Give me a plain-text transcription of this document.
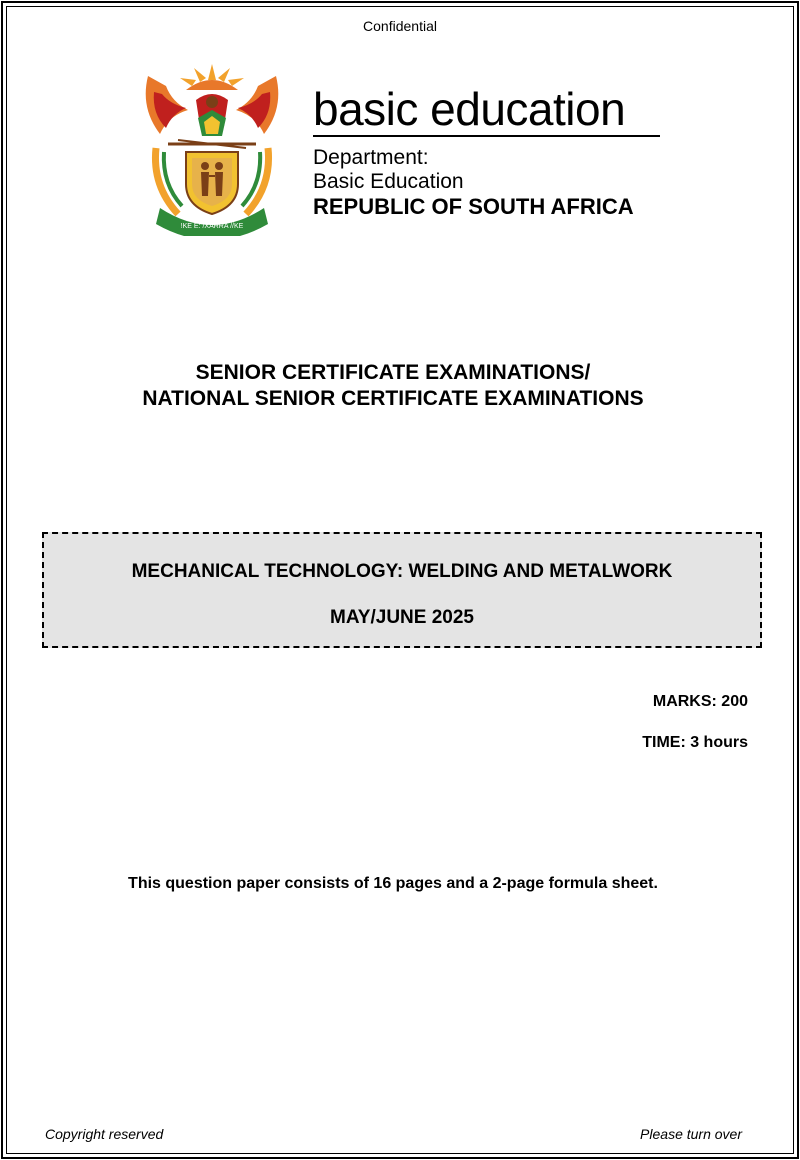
Confidential
!KE E: /XARRA //KE
basic education
Department:
Basic Education
REPUBLIC OF SOUTH AFRICA
SENIOR CERTIFICATE EXAMINATIONS/
NATIONAL SENIOR CERTIFICATE EXAMINATIONS
MECHANICAL TECHNOLOGY: WELDING AND METALWORK
MAY/JUNE 2025
MARKS: 200
TIME: 3 hours
This question paper consists of 16 pages and a 2-page formula sheet.
Copyright reserved	Please turn over
